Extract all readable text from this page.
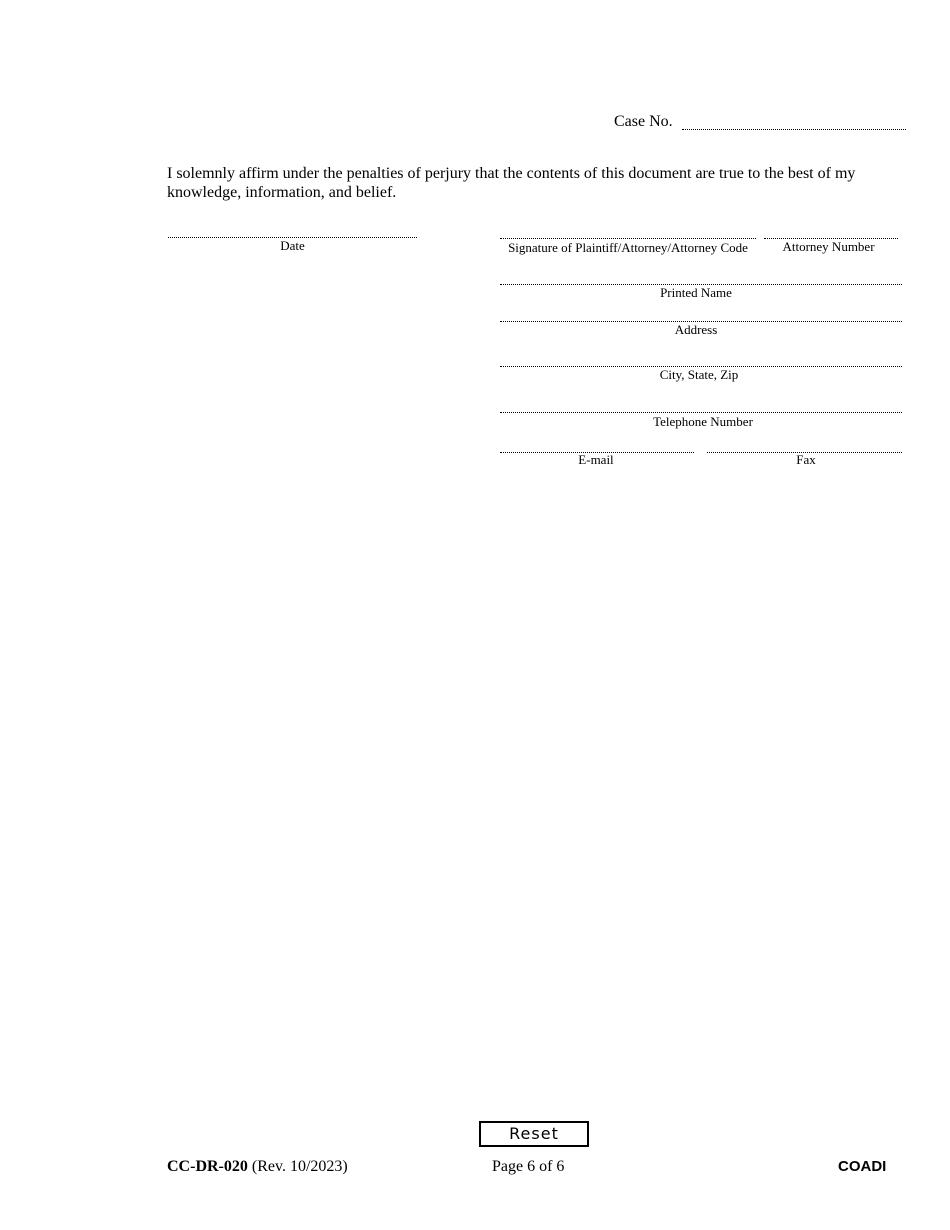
Case No.
I solemnly affirm under the penalties of perjury that the contents of this document are true to the best of my knowledge, information, and belief.
Date	Signature of Plaintiff/Attorney/Attorney Code	Attorney Number
Printed Name
Address
City, State, Zip
Telephone Number
E-mail	Fax
Reset
CC-DR-020 (Rev. 10/2023)	Page 6 of 6	COADI
